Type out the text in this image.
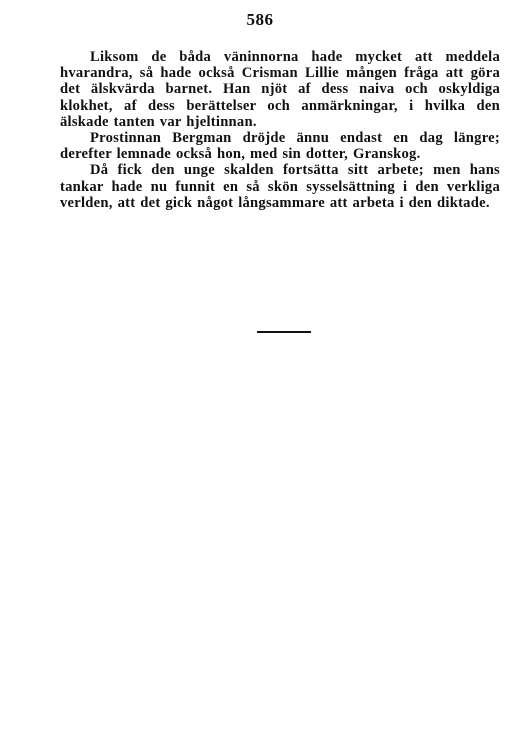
586

Liksom de båda väninnorna hade mycket att meddela hvarandra, så hade också Crisman Lillie mången fråga att göra det älskvärda barnet. Han njöt af dess naiva och oskyldiga klokhet, af dess berättelser och anmärkningar, i hvilka den älskade tanten var hjeltinnan.

Prostinnan Bergman dröjde ännu endast en dag längre; derefter lemnade också hon, med sin dotter, Granskog.

Då fick den unge skalden fortsätta sitt arbete; men hans tankar hade nu funnit en så skön sysselsättning i den verkliga verlden, att det gick något långsammare att arbeta i den diktade.
